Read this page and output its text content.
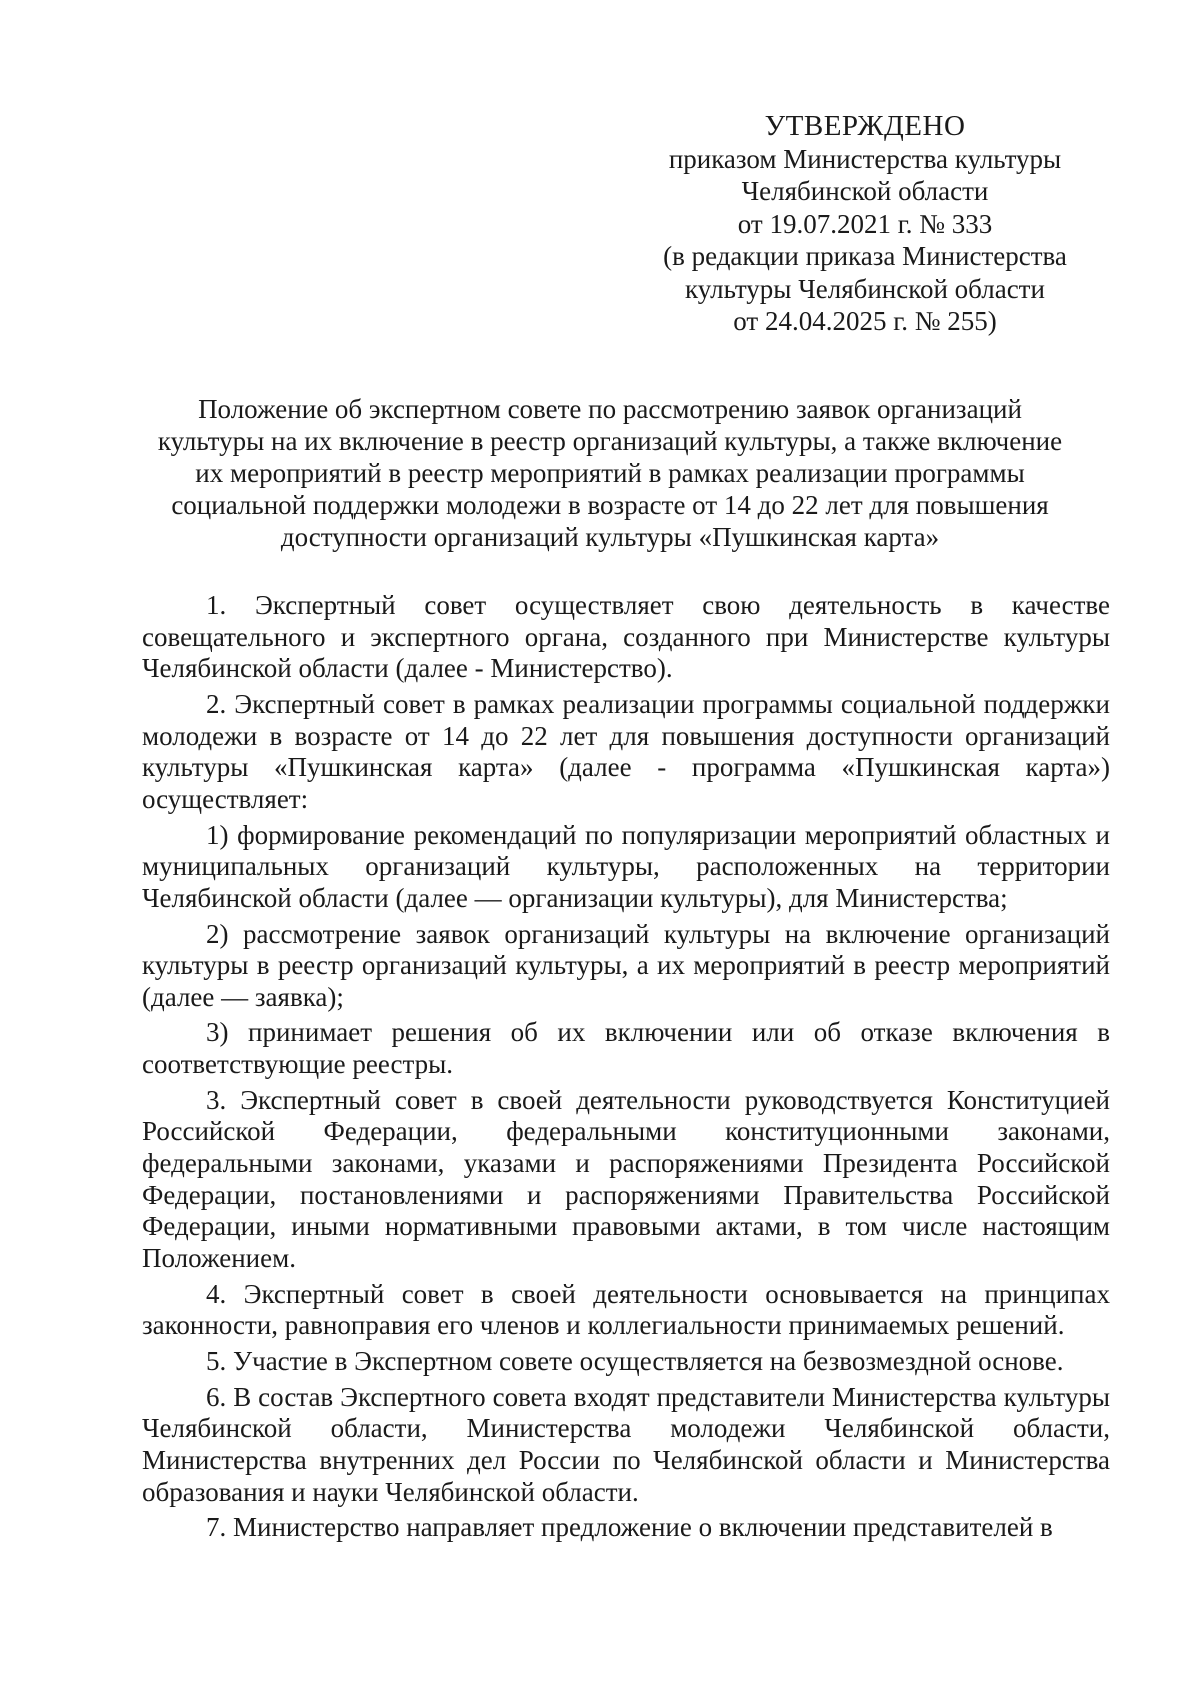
УТВЕРЖДЕНО
приказом Министерства культуры
Челябинской области
от 19.07.2021 г. № 333
(в редакции приказа Министерства
культуры Челябинской области
от 24.04.2025 г. № 255)
Положение об экспертном совете по рассмотрению заявок организаций
культуры на их включение в реестр организаций культуры, а также включение
их мероприятий в реестр мероприятий в рамках реализации программы
социальной поддержки молодежи в возрасте от 14 до 22 лет для повышения
доступности организаций культуры «Пушкинская карта»

1. Экспертный совет осуществляет свою деятельность в качестве совещательного и экспертного органа, созданного при Министерстве культуры Челябинской области (далее - Министерство).

2. Экспертный совет в рамках реализации программы социальной поддержки молодежи в возрасте от 14 до 22 лет для повышения доступности организаций культуры «Пушкинская карта» (далее - программа «Пушкинская карта») осуществляет:

1) формирование рекомендаций по популяризации мероприятий областных и муниципальных организаций культуры, расположенных на территории Челябинской области (далее — организации культуры), для Министерства;

2) рассмотрение заявок организаций культуры на включение организаций культуры в реестр организаций культуры, а их мероприятий в реестр мероприятий (далее — заявка);

3) принимает решения об их включении или об отказе включения в соответствующие реестры.

3. Экспертный совет в своей деятельности руководствуется Конституцией Российской Федерации, федеральными конституционными законами, федеральными законами, указами и распоряжениями Президента Российской Федерации, постановлениями и распоряжениями Правительства Российской Федерации, иными нормативными правовыми актами, в том числе настоящим Положением.

4. Экспертный совет в своей деятельности основывается на принципах законности, равноправия его членов и коллегиальности принимаемых решений.

5. Участие в Экспертном совете осуществляется на безвозмездной основе.

6. В состав Экспертного совета входят представители Министерства культуры Челябинской области, Министерства молодежи Челябинской области, Министерства внутренних дел России по Челябинской области и Министерства образования и науки Челябинской области.

7. Министерство направляет предложение о включении представителей в
